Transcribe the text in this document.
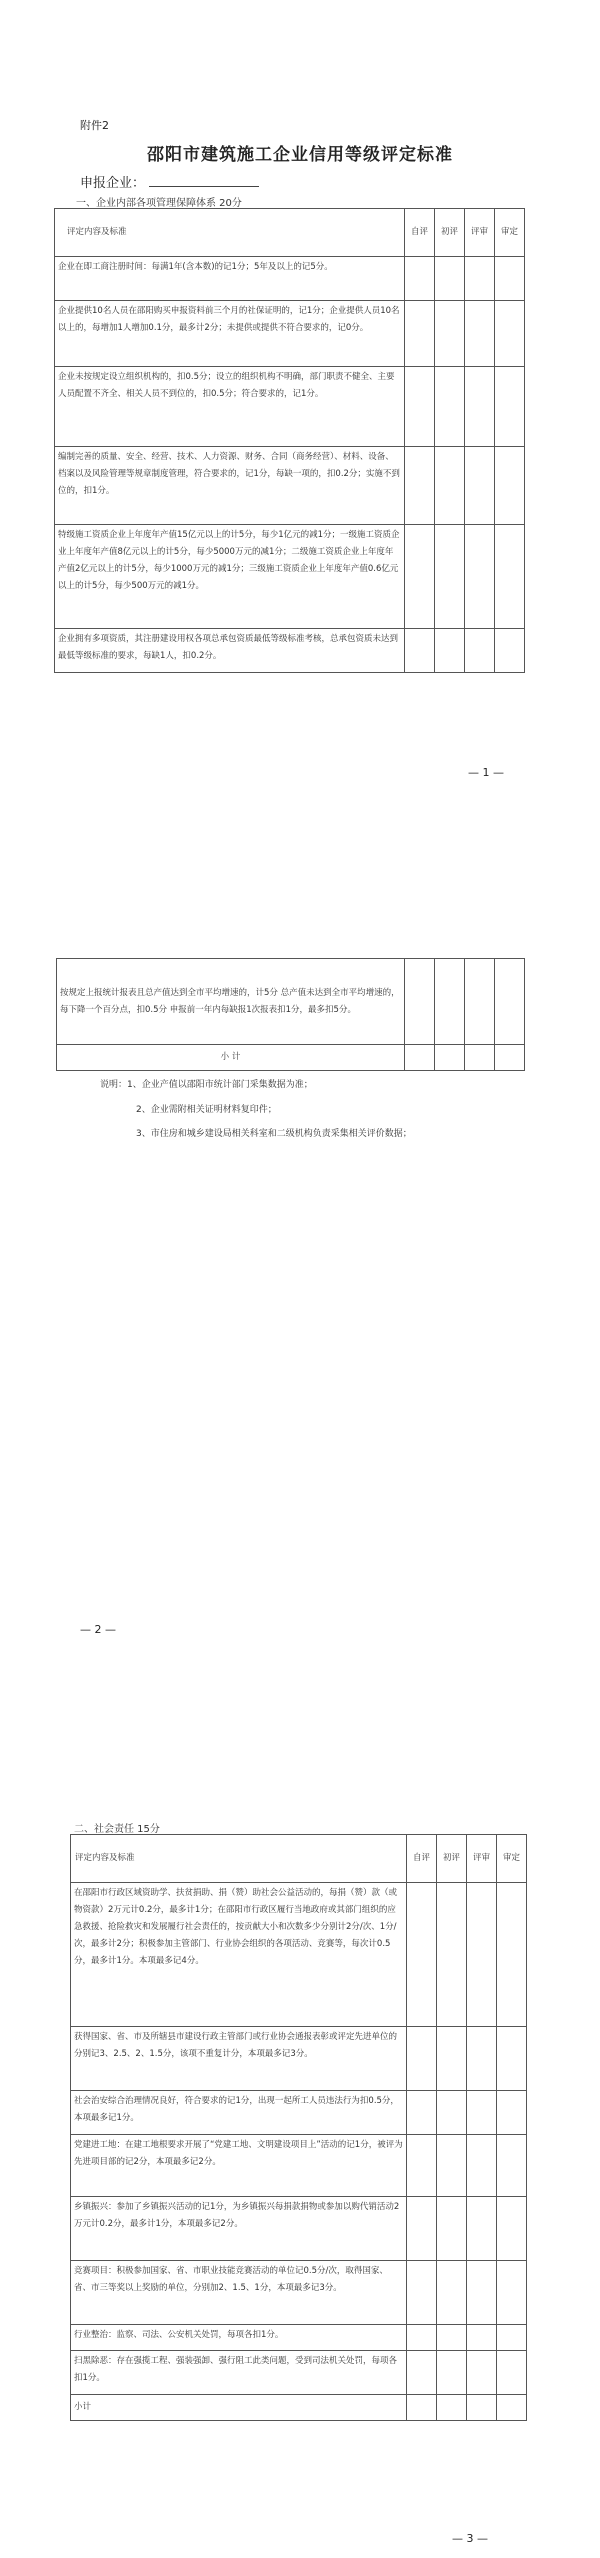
附件2
邵阳市建筑施工企业信用等级评定标准
申报企业：
一、企业内部各项管理保障体系 20分
评定内容及标准	自评	初评	评审	审定
企业在即工商注册时间：每满1年(含本数)的记1分；5年及以上的记5分。				
企业提供10名人员在邵阳购买申报资料前三个月的社保证明的，记1分；企业提供人员10名以上的，每增加1人增加0.1分，最多计2分；未提供或提供不符合要求的，记0分。				
企业未按规定设立组织机构的，扣0.5分；设立的组织机构不明确，部门职责不健全、主要人员配置不齐全、相关人员不到位的，扣0.5分；符合要求的，记1分。				
编制完善的质量、安全、经营、技术、人力资源、财务、合同（商务经营）、材料、设备、档案以及风险管理等规章制度管理，符合要求的，记1分，每缺一项的，扣0.2分；实施不到位的，扣1分。				
特级施工资质企业上年度年产值15亿元以上的计5分，每少1亿元的减1分；一级施工资质企业上年度年产值8亿元以上的计5分，每少5000万元的减1分；二级施工资质企业上年度年产值2亿元以上的计5分，每少1000万元的减1分；三级施工资质企业上年度年产值0.6亿元以上的计5分，每少500万元的减1分。				
企业拥有多项资质，其注册建设用权各项总承包资质最低等级标准考核，总承包资质未达到最低等级标准的要求，每缺1人，扣0.2分。				
— 1 —
按规定上报统计报表且总产值达到全市平均增速的，计5分 总产值未达到全市平均增速的，每下降一个百分点，扣0.5分 申报前一年内每缺报1次报表扣1分，最多扣5分。				
小 计				
说明：1、企业产值以邵阳市统计部门采集数据为准；
2、企业需附相关证明材料复印件；
3、市住房和城乡建设局相关科室和二级机构负责采集相关评价数据；
— 2 —
二、社会责任 15分
评定内容及标准	自评	初评	评审	审定
在邵阳市行政区域资助学、扶贫捐助、捐（赞）助社会公益活动的，每捐（赞）款（或物资款）2万元计0.2分，最多计1分；在邵阳市行政区履行当地政府或其部门组织的应急救援、抢险救灾和发展履行社会责任的，按贡献大小和次数多少分别计2分/次、1分/次，最多计2分；积极参加主管部门、行业协会组织的各项活动、竞赛等，每次计0.5分，最多计1分。本项最多记4分。				
获得国家、省、市及所辖县市建设行政主管部门或行业协会通报表彰或评定先进单位的分别记3、2.5、2、1.5分，该项不重复计分，本项最多记3分。				
社会治安综合治理情况良好，符合要求的记1分，出现一起所工人员违法行为扣0.5分，本项最多记1分。				
党建进工地：在建工地根要求开展了“党建工地、文明建设项目上”活动的记1分，被评为先进项目部的记2分，本项最多记2分。				
乡镇振兴：参加了乡镇振兴活动的记1分，为乡镇振兴每捐款捐物或参加以购代销活动2万元计0.2分，最多计1分，本项最多记2分。				
竞赛项目：积极参加国家、省、市职业技能竞赛活动的单位记0.5分/次，取得国家、省、市三等奖以上奖励的单位，分别加2、1.5、1分，本项最多记3分。				
行业整治：监察、司法、公安机关处罚，每项各扣1分。				
扫黑除恶：存在强揽工程、强装强卸、强行阻工此类问题，受到司法机关处罚，每项各扣1分。				
小计				
— 3 —
